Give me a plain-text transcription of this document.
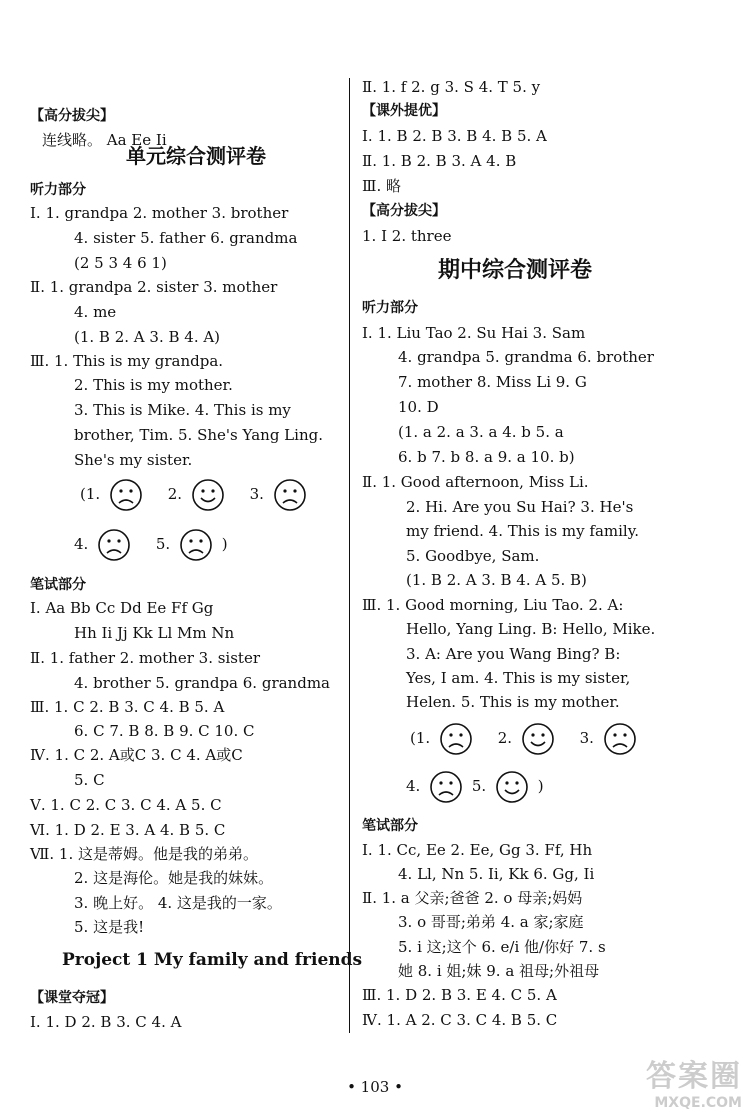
【高分拔尖】
连线略。 Aa Ee Ii
单元综合测评卷
听力部分
Ⅰ. 1. grandpa 2. mother 3. brother
4. sister 5. father 6. grandma
(2 5 3 4 6 1)
Ⅱ. 1. grandpa 2. sister 3. mother
4. me
(1. B 2. A 3. B 4. A)
Ⅲ. 1. This is my grandpa.
2. This is my mother.
3. This is Mike. 4. This is my
brother, Tim. 5. She's Yang Ling.
She's my sister.
(1.	2.	3.
4.	5.	)
笔试部分
Ⅰ. Aa Bb Cc Dd Ee Ff Gg
Hh Ii Jj Kk Ll Mm Nn
Ⅱ. 1. father 2. mother 3. sister
4. brother 5. grandpa 6. grandma
Ⅲ. 1. C 2. B 3. C 4. B 5. A
6. C 7. B 8. B 9. C 10. C
Ⅳ. 1. C 2. A或C 3. C 4. A或C
5. C
Ⅴ. 1. C 2. C 3. C 4. A 5. C
Ⅵ. 1. D 2. E 3. A 4. B 5. C
Ⅶ. 1. 这是蒂姆。他是我的弟弟。
2. 这是海伦。她是我的妹妹。
3. 晚上好。 4. 这是我的一家。
5. 这是我!
Project 1 My family and friends
【课堂夺冠】
Ⅰ. 1. D 2. B 3. C 4. A
Ⅱ. 1. f 2. g 3. S 4. T 5. y
【课外提优】
Ⅰ. 1. B 2. B 3. B 4. B 5. A
Ⅱ. 1. B 2. B 3. A 4. B
Ⅲ. 略
【高分拔尖】
1. I 2. three
期中综合测评卷
听力部分
Ⅰ. 1. Liu Tao 2. Su Hai 3. Sam
4. grandpa 5. grandma 6. brother
7. mother 8. Miss Li 9. G
10. D
(1. a 2. a 3. a 4. b 5. a
6. b 7. b 8. a 9. a 10. b)
Ⅱ. 1. Good afternoon, Miss Li.
2. Hi. Are you Su Hai? 3. He's
my friend. 4. This is my family.
5. Goodbye, Sam.
(1. B 2. A 3. B 4. A 5. B)
Ⅲ. 1. Good morning, Liu Tao. 2. A:
Hello, Yang Ling. B: Hello, Mike.
3. A: Are you Wang Bing? B:
Yes, I am. 4. This is my sister,
Helen. 5. This is my mother.
(1.	2.	3.
4.	5.	)
笔试部分
Ⅰ. 1. Cc, Ee 2. Ee, Gg 3. Ff, Hh
4. Ll, Nn 5. Ii, Kk 6. Gg, Ii
Ⅱ. 1. a 父亲;爸爸 2. o 母亲;妈妈
3. o 哥哥;弟弟 4. a 家;家庭
5. i 这;这个 6. e/i 他/你好 7. s
她 8. i 姐;妹 9. a 祖母;外祖母
Ⅲ. 1. D 2. B 3. E 4. C 5. A
Ⅳ. 1. A 2. C 3. C 4. B 5. C
• 103 •	答案圈
MXQE.COM
